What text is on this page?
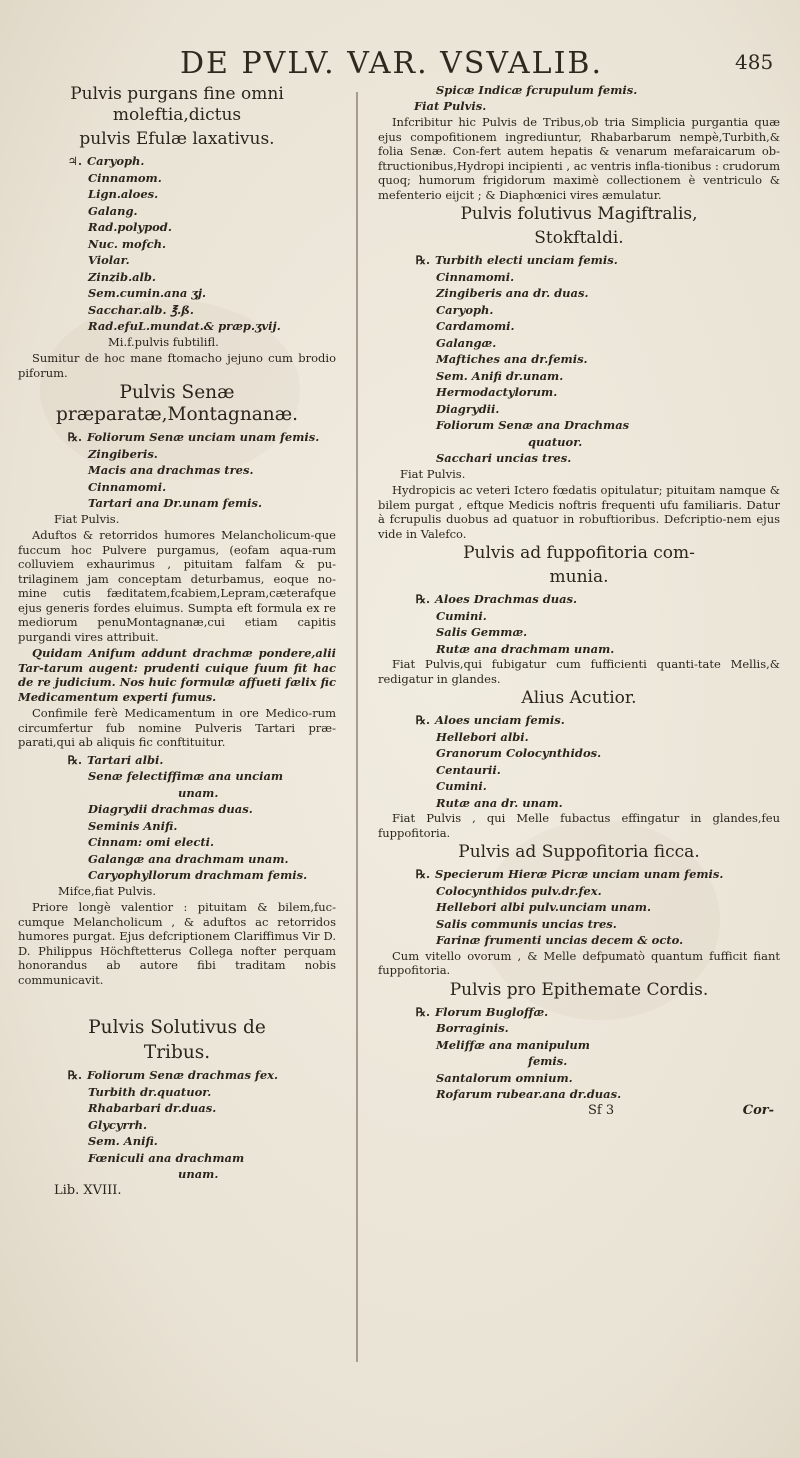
DE PVLV. VAR. VSVALIB.	485
Pulvis purgans fine omni moleftia,dictus
pulvis Efulæ laxativus.
♃. Caryoph.
Cinnamom.
Lign.aloes.
Galang.
Rad.polypod.
Nuc. mofch.
Violar.
Zinzib.alb.
Sem.cumin.ana ʒj.
Sacchar.alb. ℥.ß.
Rad.efuL.mundat.& præp.ʒvij.
Mi.f.pulvis fubtilifl.
Sumitur de hoc mane ftomacho jejuno cum brodio piforum.
Pulvis Senæ præparatæ,Montagnanæ.
℞. Foliorum Senæ unciam unam femis.
Zingiberis.
Macis ana drachmas tres.
Cinnamomi.
Tartari ana Dr.unam femis.
Fiat Pulvis.
Aduftos & retorridos humores Melancholicum-que fuccum hoc Pulvere purgamus, (eofam aqua-rum colluviem exhaurimus , pituitam falfam & pu-trilaginem jam conceptam deturbamus, eoque no-mine cutis fæditatem,fcabiem,Lepram,cæterafque ejus generis fordes eluimus. Sumpta eft formula ex re mediorum penuMontagnanæ,cui etiam capitis purgandi vires attribuit.
Quidam Anifum addunt drachmæ pondere,alii Tar-tarum augent: prudenti cuique fuum fit hac de re judicium. Nos huic formulæ affueti fælix fic Medicamentum experti fumus.
Confimile ferè Medicamentum in ore Medico-rum circumfertur fub nomine Pulveris Tartari præ-parati,qui ab aliquis fic conftituitur.
℞. Tartari albi.
Senæ felectiffimæ ana unciam
unam.
Diagrydii drachmas duas.
Seminis Anifi.
Cinnam: omi electi.
Galangæ ana drachmam unam.
Caryophyllorum drachmam femis.
Mifce,fiat Pulvis.
Priore longè valentior : pituitam & bilem,fuc-cumque Melancholicum , & aduftos ac retorridos humores purgat. Ejus defcriptionem Clariffimus Vir D. D. Philippus Höchftetterus Collega nofter perquam honorandus ab autore fibi traditam nobis communicavit.
Pulvis Solutivus de
Tribus.
℞. Foliorum Senæ drachmas fex.
Turbith dr.quatuor.
Rhabarbari dr.duas.
Glycyrrh.
Sem. Anifi.
Fœniculi ana drachmam
unam.
Lib. XVIII.
Spicæ Indicæ fcrupulum femis.
Fiat Pulvis.
Infcribitur hic Pulvis de Tribus,ob tria Simplicia purgantia quæ ejus compofitionem ingrediuntur, Rhabarbarum nempè,Turbith,& folia Senæ. Con-fert autem hepatis & venarum mefaraicarum ob-ftructionibus,Hydropi incipienti , ac ventris infla-tionibus : crudorum quoq; humorum frigidorum maximè collectionem è ventriculo & mefenterio eijcit ; & Diaphœnici vires æmulatur.
Pulvis folutivus Magiftralis,
Stokftaldi.
℞. Turbith electi unciam femis.
Cinnamomi.
Zingiberis ana dr. duas.
Caryoph.
Cardamomi.
Galangæ.
Maftiches ana dr.femis.
Sem. Anifi dr.unam.
Hermodactylorum.
Diagrydii.
Foliorum Senæ ana Drachmas
quatuor.
Sacchari uncias tres.
Fiat Pulvis.
Hydropicis ac veteri Ictero fœdatis opitulatur; pituitam namque & bilem purgat , eftque Medicis noftris frequenti ufu familiaris. Datur à fcrupulis duobus ad quatuor in robuftioribus. Defcriptio-nem ejus vide in Valefco.
Pulvis ad fuppofitoria com-
munia.
℞. Aloes Drachmas duas.
Cumini.
Salis Gemmæ.
Rutæ ana drachmam unam.
Fiat Pulvis,qui fubigatur cum fufficienti quanti-tate Mellis,& redigatur in glandes.
Alius Acutior.
℞. Aloes unciam femis.
Hellebori albi.
Granorum Colocynthidos.
Centaurii.
Cumini.
Rutæ ana dr. unam.
Fiat Pulvis , qui Melle fubactus effingatur in glandes,feu fuppofitoria.
Pulvis ad Suppofitoria ficca.
℞. Specierum Hieræ Picræ unciam unam femis.
Colocynthidos pulv.dr.fex.
Hellebori albi pulv.unciam unam.
Salis communis uncias tres.
Farinæ frumenti uncias decem & octo.
Cum vitello ovorum , & Melle defpumatò quantum fufficit fiant fuppofitoria.
Pulvis pro Epithemate Cordis.
℞. Florum Bugloffæ.
Borraginis.
Meliffæ ana manipulum
femis.
Santalorum omnium.
Rofarum rubear.ana dr.duas.
Sf 3	Cor-
